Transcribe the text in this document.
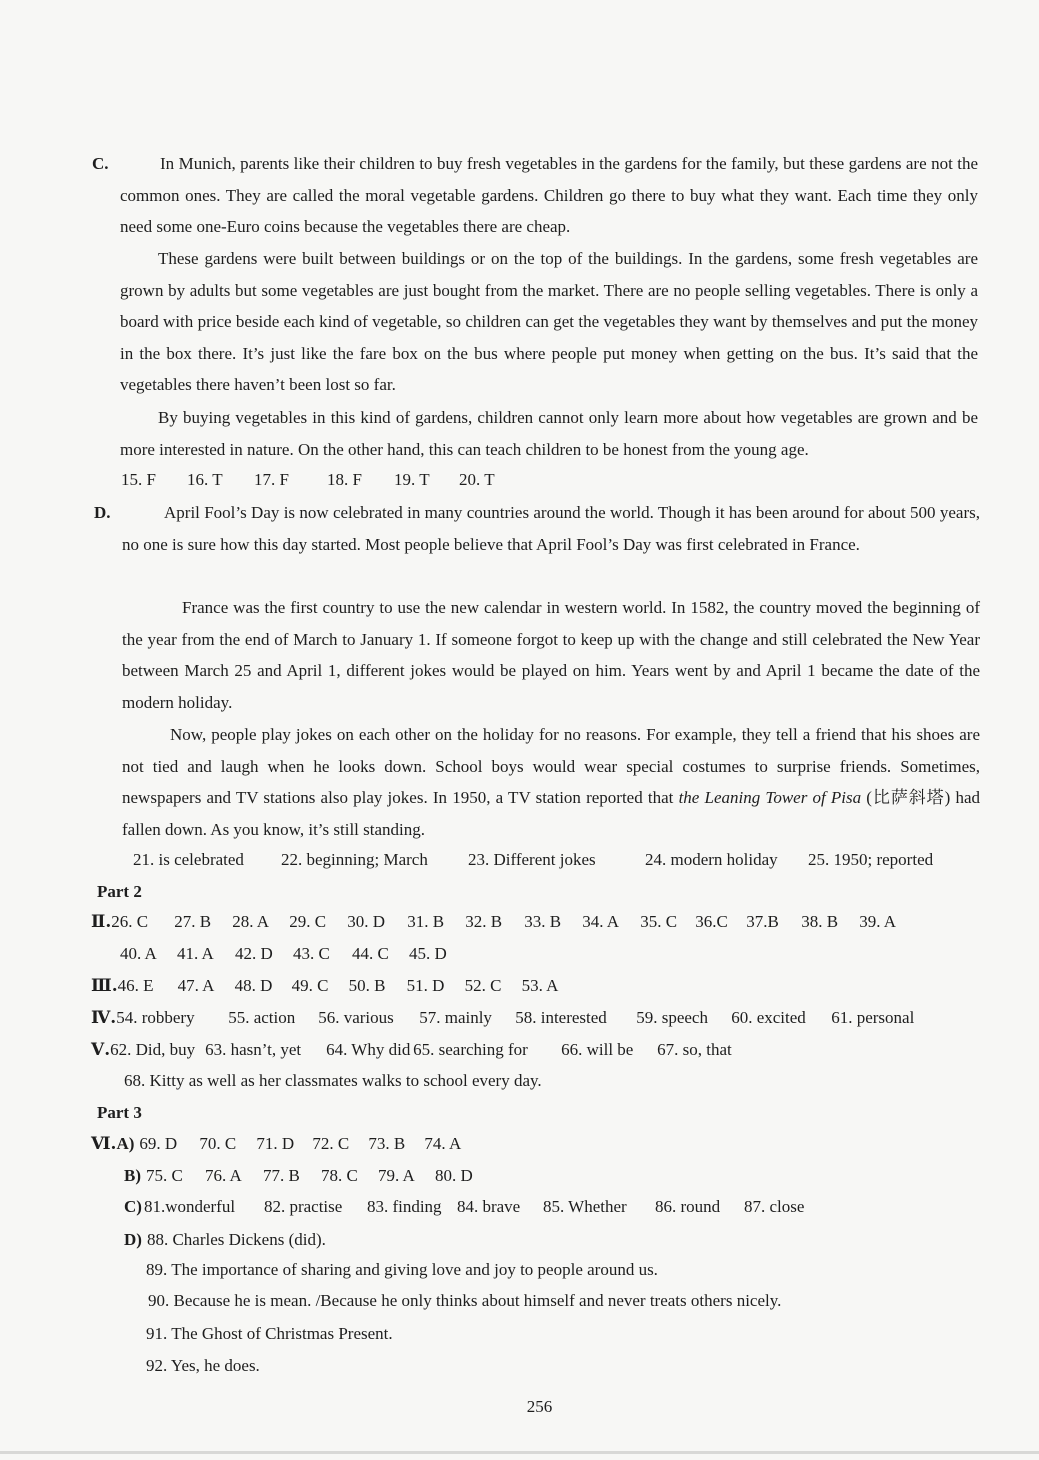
C.	In Munich, parents like their children to buy fresh vegetables in the gardens for the family, but these gardens are not the common ones. They are called the moral vegetable gardens. Children go there to buy what they want. Each time they only need some one-Euro coins because the vegetables there are cheap.

These gardens were built between buildings or on the top of the buildings. In the gardens, some fresh vegetables are grown by adults but some vegetables are just bought from the market. There are no people selling vegetables. There is only a board with price beside each kind of vegetable, so children can get the vegetables they want by themselves and put the money in the box there. It’s just like the fare box on the bus where people put money when getting on the bus. It’s said that the vegetables there haven’t been lost so far.

By buying vegetables in this kind of gardens, children cannot only learn more about how vegetables are grown and be more interested in nature. On the other hand, this can teach children to be honest from the young age.

15. F 16. T 17. F 18. F 19. T 20. T
D.	April Fool’s Day is now celebrated in many countries around the world. Though it has been around for about 500 years, no one is sure how this day started. Most people believe that April Fool’s Day was first celebrated in France.

France was the first country to use the new calendar in western world. In 1582, the country moved the beginning of the year from the end of March to January 1. If someone forgot to keep up with the change and still celebrated the New Year between March 25 and April 1, different jokes would be played on him. Years went by and April 1 became the date of the modern holiday.

Now, people play jokes on each other on the holiday for no reasons. For example, they tell a friend that his shoes are not tied and laugh when he looks down. School boys would wear special costumes to surprise friends. Sometimes, newspapers and TV stations also play jokes. In 1950, a TV station reported that the Leaning Tower of Pisa (比萨斜塔) had fallen down. As you know, it’s still standing.

21. is celebrated 22. beginning; March 23. Different jokes	24. modern holiday 25. 1950; reported
Part 2
Ⅱ.26. C 27. B 28. A 29. C 30. D 31. B 32. B 33. B 34. A 35. C 36.C 37.B 38. B 39. A
40. A 41. A 42. D 43. C 44. C 45. D
Ⅲ.46. E 47. A 48. D 49. C 50. B 51. D 52. C 53. A
Ⅳ.54. robbery 55. action 56. various 57. mainly 58. interested 59. speech 60. excited 61. personal
Ⅴ.62. Did, buy 63. hasn’t, yet 64. Why did 65. searching for 66. will be 67. so, that
68. Kitty as well as her classmates walks to school every day.
Part 3
Ⅵ.A) 69. D 70. C 71. D 72. C 73. B 74. A
B) 75. C 76. A 77. B 78. C 79. A 80. D
C) 81.wonderful 82. practise 83. finding 84. brave 85. Whether 86. round 87. close
D) 88. Charles Dickens (did).
89. The importance of sharing and giving love and joy to people around us.
90. Because he is mean. /Because he only thinks about himself and never treats others nicely.
91. The Ghost of Christmas Present.
92. Yes, he does.
256
